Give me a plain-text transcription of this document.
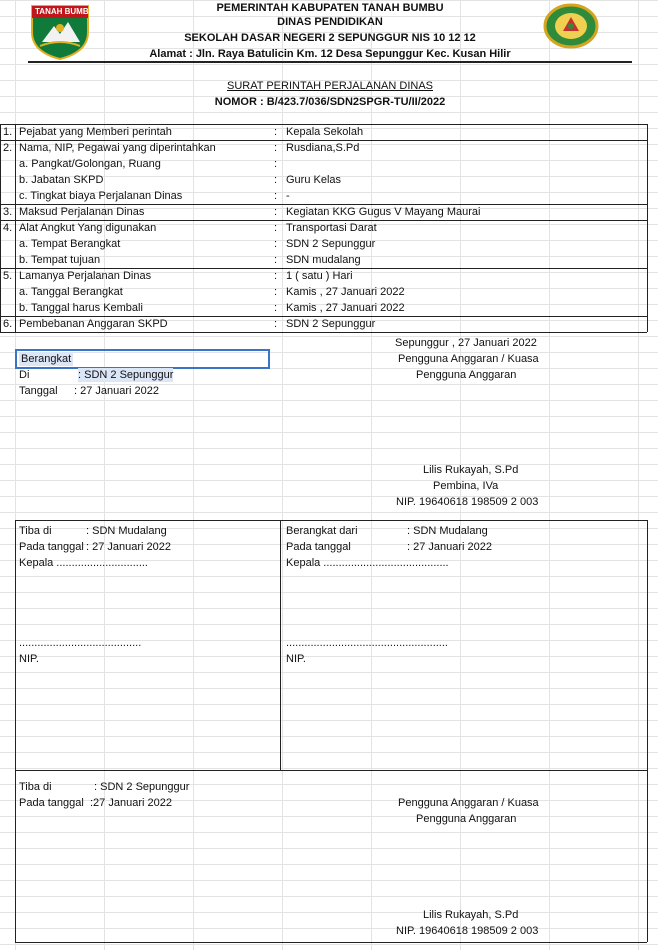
TANAH BUMBU	PEMERINTAH KABUPATEN TANAH BUMBU
DINAS PENDIDIKAN
SEKOLAH DASAR NEGERI 2 SEPUNGGUR NIS 10 12 12
Alamat : Jln. Raya Batulicin Km. 12 Desa Sepunggur Kec. Kusan Hilir
SURAT PERINTAH PERJALANAN DINAS
NOMOR : B/423.7/036/SDN2SPGR-TU/II/2022
Sepunggur , 27 Januari 2022
Pengguna Anggaran / Kuasa
Pengguna Anggaran
Berangkat
Di	: SDN 2 Sepunggur
Tanggal : 27 Januari 2022
Lilis Rukayah, S.Pd
Pembina, IVa
NIP. 19640618 198509 2 003
Tiba di	: SDN Mudalang
Pada tanggal : 27 Januari 2022
Kepala ..............................
........................................
NIP.
Berangkat dari	: SDN Mudalang
Pada tanggal	: 27 Januari 2022
Kepala .........................................
.....................................................
NIP.
Tiba di	: SDN 2 Sepunggur
Pada tanggal :27 Januari 2022	Pengguna Anggaran / Kuasa
Pengguna Anggaran
Lilis Rukayah, S.Pd
NIP. 19640618 198509 2 003
1. Pejabat yang Memberi perintah	: Kepala Sekolah
2. Nama, NIP, Pegawai yang diperintahkan	: Rusdiana,S.Pd
a. Pangkat/Golongan, Ruang	:
b. Jabatan SKPD	: Guru Kelas
c. Tingkat biaya Perjalanan Dinas	: -
3. Maksud Perjalanan Dinas	: Kegiatan KKG Gugus V Mayang Maurai
4. Alat Angkut Yang digunakan	: Transportasi Darat
a. Tempat Berangkat	: SDN 2 Sepunggur
b. Tempat tujuan	: SDN mudalang
5. Lamanya Perjalanan Dinas	: 1 ( satu ) Hari
a. Tanggal Berangkat	: Kamis , 27 Januari 2022
b. Tanggal harus Kembali	: Kamis , 27 Januari 2022
6. Pembebanan Anggaran SKPD	: SDN 2 Sepunggur
